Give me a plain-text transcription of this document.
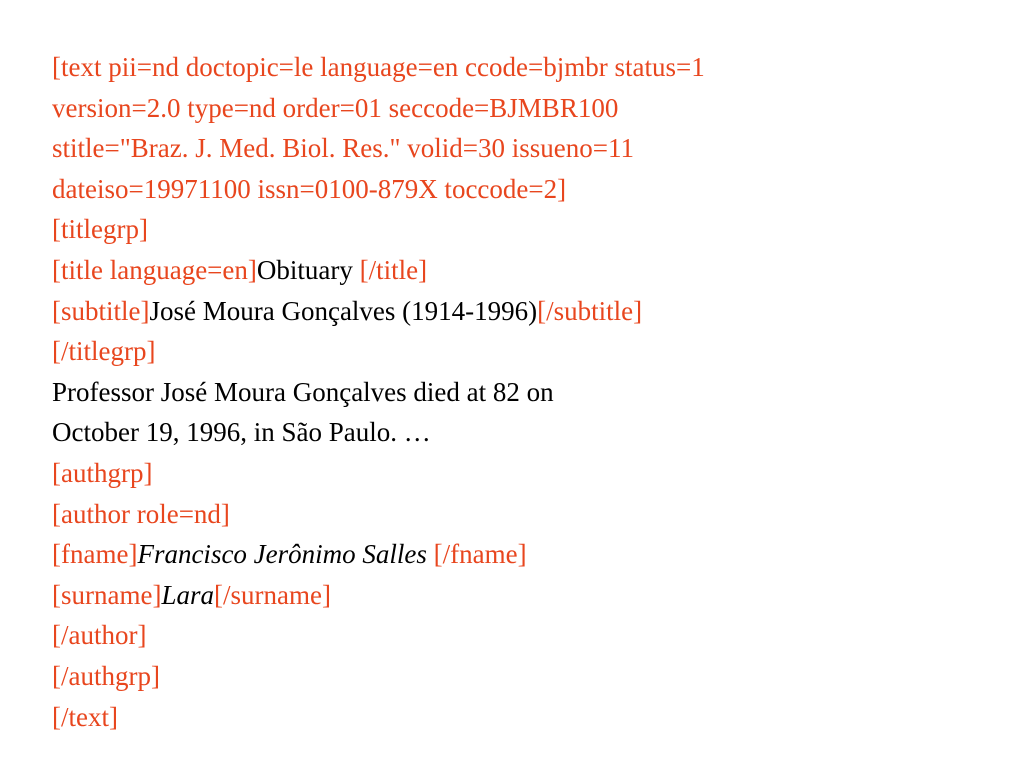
[text pii=nd doctopic=le language=en ccode=bjmbr status=1
version=2.0 type=nd order=01 seccode=BJMBR100
stitle="Braz. J. Med. Biol. Res." volid=30 issueno=11
dateiso=19971100 issn=0100-879X toccode=2]
[titlegrp]
[title language=en]Obituary [/title]
[subtitle]José Moura Gonçalves (1914-1996)[/subtitle]
[/titlegrp]
Professor José Moura Gonçalves died at 82 on
October 19, 1996, in São Paulo. …
[authgrp]
[author role=nd]
[fname]Francisco Jerônimo Salles [/fname]
[surname]Lara[/surname]
[/author]
[/authgrp]
[/text]
